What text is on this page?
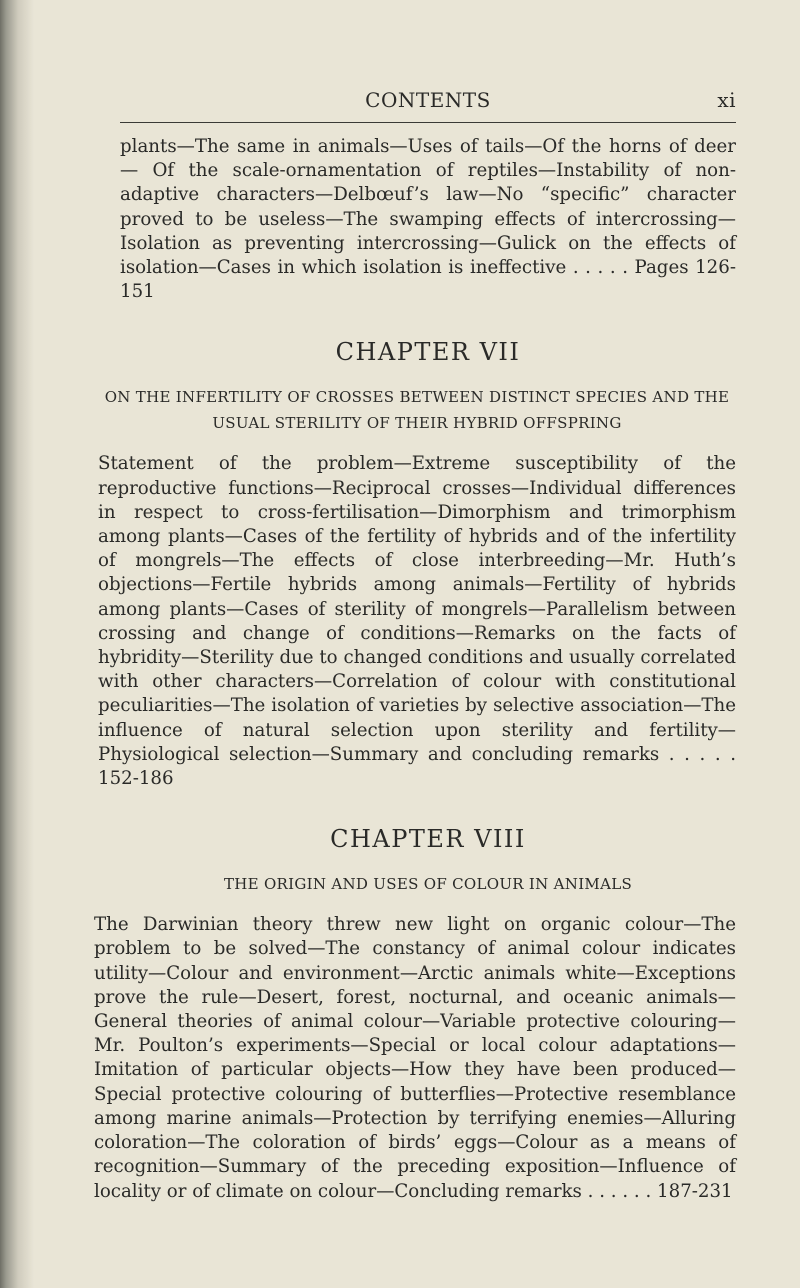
CONTENTS	xi

plants—The same in animals—Uses of tails—Of the horns of deer— Of the scale-ornamentation of reptiles—Instability of non-adaptive characters—Delbœuf’s law—No “specific” character proved to be useless—The swamping effects of intercrossing—Isolation as preventing intercrossing—Gulick on the effects of isolation—Cases in which isolation is ineffective . . . . . Pages 126-151

CHAPTER VII
ON THE INFERTILITY OF CROSSES BETWEEN DISTINCT SPECIES AND THE USUAL STERILITY OF THEIR HYBRID OFFSPRING

Statement of the problem—Extreme susceptibility of the reproductive functions—Reciprocal crosses—Individual differences in respect to cross-fertilisation—Dimorphism and trimorphism among plants—Cases of the fertility of hybrids and of the infertility of mongrels—The effects of close interbreeding—Mr. Huth’s objections—Fertile hybrids among animals—Fertility of hybrids among plants—Cases of sterility of mongrels—Parallelism between crossing and change of conditions—Remarks on the facts of hybridity—Sterility due to changed conditions and usually correlated with other characters—Correlation of colour with constitutional peculiarities—The isolation of varieties by selective association—The influence of natural selection upon sterility and fertility—Physiological selection—Summary and concluding remarks . . . . . 152-186

CHAPTER VIII
THE ORIGIN AND USES OF COLOUR IN ANIMALS

The Darwinian theory threw new light on organic colour—The problem to be solved—The constancy of animal colour indicates utility—Colour and environment—Arctic animals white—Exceptions prove the rule—Desert, forest, nocturnal, and oceanic animals—General theories of animal colour—Variable protective colouring—Mr. Poulton’s experiments—Special or local colour adaptations—Imitation of particular objects—How they have been produced—Special protective colouring of butterflies—Protective resemblance among marine animals—Protection by terrifying enemies—Alluring coloration—The coloration of birds’ eggs—Colour as a means of recognition—Summary of the preceding exposition—Influence of locality or of climate on colour—Concluding remarks . . . . . . 187-231
